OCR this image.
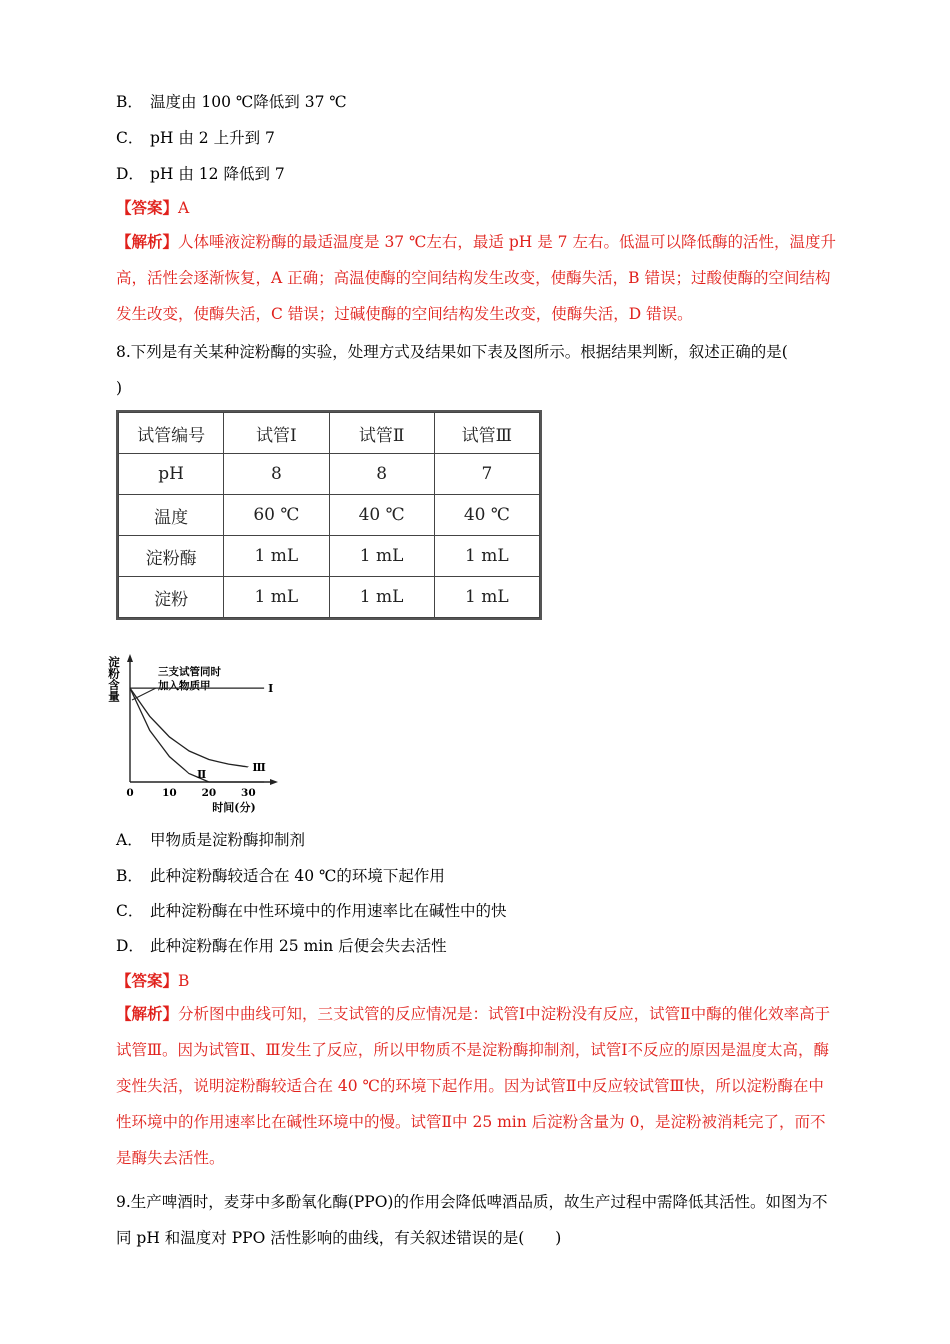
B． 温度由 100 ℃降低到 37 ℃
C． pH 由 2 上升到 7
D． pH 由 12 降低到 7
【答案】A
【解析】人体唾液淀粉酶的最适温度是 37 ℃左右，最适 pH 是 7 左右。低温可以降低酶的活性，温度升高，活性会逐渐恢复，A 正确；高温使酶的空间结构发生改变，使酶失活，B 错误；过酸使酶的空间结构发生改变，使酶失活，C 错误；过碱使酶的空间结构发生改变，使酶失活，D 错误。
8.下列是有关某种淀粉酶的实验，处理方式及结果如下表及图所示。根据结果判断，叙述正确的是(
)
试管编号	试管Ⅰ	试管Ⅱ	试管Ⅲ
pH	8	8	7
温度	60 ℃	40 ℃	40 ℃
淀粉酶	1 mL	1 mL	1 mL
淀粉	1 mL	1 mL	1 mL
淀粉含量	三支试管同时
加入物质甲	Ⅰ
Ⅱ
Ⅲ
0	10 20 30
时间(分)
A． 甲物质是淀粉酶抑制剂
B． 此种淀粉酶较适合在 40 ℃的环境下起作用
C． 此种淀粉酶在中性环境中的作用速率比在碱性中的快
D． 此种淀粉酶在作用 25 min 后便会失去活性
【答案】B
【解析】分析图中曲线可知，三支试管的反应情况是：试管Ⅰ中淀粉没有反应，试管Ⅱ中酶的催化效率高于试管Ⅲ。因为试管Ⅱ、Ⅲ发生了反应，所以甲物质不是淀粉酶抑制剂，试管Ⅰ不反应的原因是温度太高，酶变性失活，说明淀粉酶较适合在 40 ℃的环境下起作用。因为试管Ⅱ中反应较试管Ⅲ快，所以淀粉酶在中性环境中的作用速率比在碱性环境中的慢。试管Ⅱ中 25 min 后淀粉含量为 0，是淀粉被消耗完了，而不是酶失去活性。
9.生产啤酒时，麦芽中多酚氧化酶(PPO)的作用会降低啤酒品质，故生产过程中需降低其活性。如图为不同 pH 和温度对 PPO 活性影响的曲线，有关叙述错误的是(　　)
